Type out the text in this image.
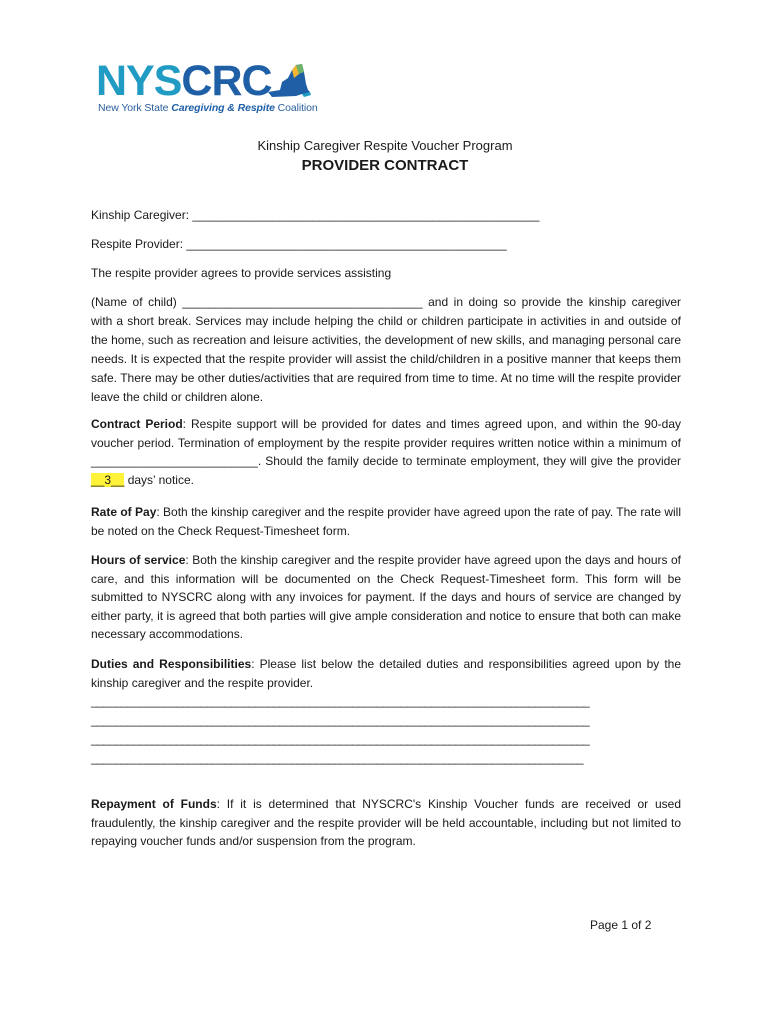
NYSCRC
New York State Caregiving & Respite Coalition
Kinship Caregiver Respite Voucher Program
PROVIDER CONTRACT
Kinship Caregiver: ____________________________________________________
Respite Provider: ________________________________________________
The respite provider agrees to provide services assisting
(Name of child) ____________________________________ and in doing so provide the kinship caregiver with a short break. Services may include helping the child or children participate in activities in and outside of the home, such as recreation and leisure activities, the development of new skills, and managing personal care needs. It is expected that the respite provider will assist the child/children in a positive manner that keeps them safe. There may be other duties/activities that are required from time to time. At no time will the respite provider leave the child or children alone.
Contract Period: Respite support will be provided for dates and times agreed upon, and within the 90-day voucher period. Termination of employment by the respite provider requires written notice within a minimum of _________________________. Should the family decide to terminate employment, they will give the provider __3__ days’ notice.
Rate of Pay: Both the kinship caregiver and the respite provider have agreed upon the rate of pay. The rate will be noted on the Check Request-Timesheet form.
Hours of service: Both the kinship caregiver and the respite provider have agreed upon the days and hours of care, and this information will be documented on the Check Request-Timesheet form. This form will be submitted to NYSCRC along with any invoices for payment. If the days and hours of service are changed by either party, it is agreed that both parties will give ample consideration and notice to ensure that both can make necessary accommodations.
Duties and Responsibilities: Please list below the detailed duties and responsibilities agreed upon by the kinship caregiver and the respite provider.
__________________________________________________________________________________
__________________________________________________________________________________
__________________________________________________________________________________
_________________________________________________________________________________
Repayment of Funds: If it is determined that NYSCRC's Kinship Voucher funds are received or used fraudulently, the kinship caregiver and the respite provider will be held accountable, including but not limited to repaying voucher funds and/or suspension from the program.
Page 1 of 2
